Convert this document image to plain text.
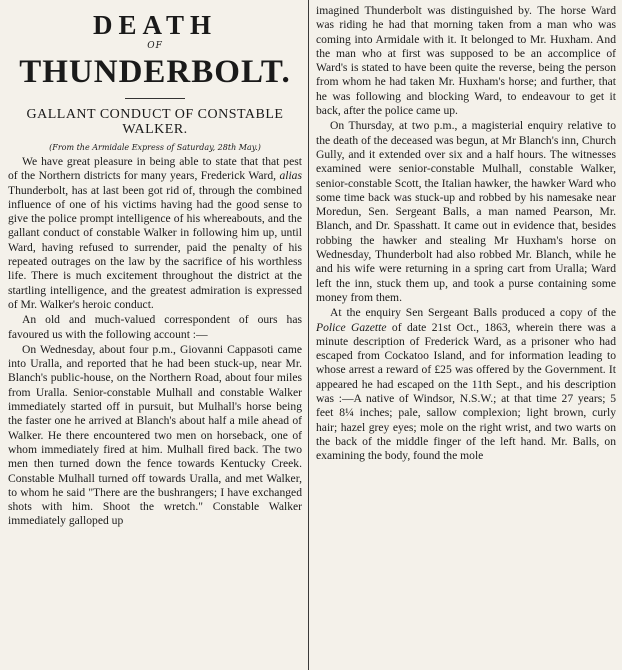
DEATH
OF
THUNDERBOLT.
GALLANT CONDUCT OF CONSTABLE WALKER.
(From the Armidale Express of Saturday, 28th May.)

We have great pleasure in being able to state that that pest of the Northern districts for many years, Frederick Ward, alias Thunderbolt, has at last been got rid of, through the combined influence of one of his victims having had the good sense to give the police prompt intelligence of his whereabouts, and the gallant conduct of constable Walker in following him up, until Ward, having refused to surrender, paid the penalty of his repeated outrages on the law by the sacrifice of his worthless life. There is much excitement throughout the district at the startling intelligence, and the greatest admiration is expressed of Mr. Walker's heroic conduct.

An old and much-valued correspondent of ours has favoured us with the following account :—

On Wednesday, about four p.m., Giovanni Cappasoti came into Uralla, and reported that he had been stuck-up, near Mr. Blanch's public-house, on the Northern Road, about four miles from Uralla. Senior-constable Mulhall and constable Walker immediately started off in pursuit, but Mulhall's horse being the faster one he arrived at Blanch's about half a mile ahead of Walker. He there encountered two men on horseback, one of whom immediately fired at him. Mulhall fired back. The two men then turned down the fence towards Kentucky Creek. Constable Mulhall turned off towards Uralla, and met Walker, to whom he said "There are the bushrangers; I have exchanged shots with him. Shoot the wretch." Constable Walker immediately galloped up

imagined Thunderbolt was distinguished by. The horse Ward was riding he had that morning taken from a man who was coming into Armidale with it. It belonged to Mr. Huxham. And the man who at first was supposed to be an accomplice of Ward's is stated to have been quite the reverse, being the person from whom he had taken Mr. Huxham's horse; and further, that he was following and blocking Ward, to endeavour to get it back, after the police came up.

On Thursday, at two p.m., a magisterial enquiry relative to the death of the deceased was begun, at Mr Blanch's inn, Church Gully, and it extended over six and a half hours. The witnesses examined were senior-constable Mulhall, constable Walker, senior-constable Scott, the Italian hawker, the hawker Ward who some time back was stuck-up and robbed by his namesake near Moredun, Sen. Sergeant Balls, a man named Pearson, Mr. Blanch, and Dr. Spasshatt. It came out in evidence that, besides robbing the hawker and stealing Mr Huxham's horse on Wednesday, Thunderbolt had also robbed Mr. Blanch, while he and his wife were returning in a spring cart from Uralla; Ward left the inn, stuck them up, and took a purse containing some money from them.

At the enquiry Sen Sergeant Balls produced a copy of the Police Gazette of date 21st Oct., 1863, wherein there was a minute description of Frederick Ward, as a prisoner who had escaped from Cockatoo Island, and for information leading to whose arrest a reward of £25 was offered by the Government. It appeared he had escaped on the 11th Sept., and his description was :—A native of Windsor, N.S.W.; at that time 27 years; 5 feet 8¼ inches; pale, sallow complexion; light brown, curly hair; hazel grey eyes; mole on the right wrist, and two warts on the back of the middle finger of the left hand. Mr. Balls, on examining the body, found the mole
